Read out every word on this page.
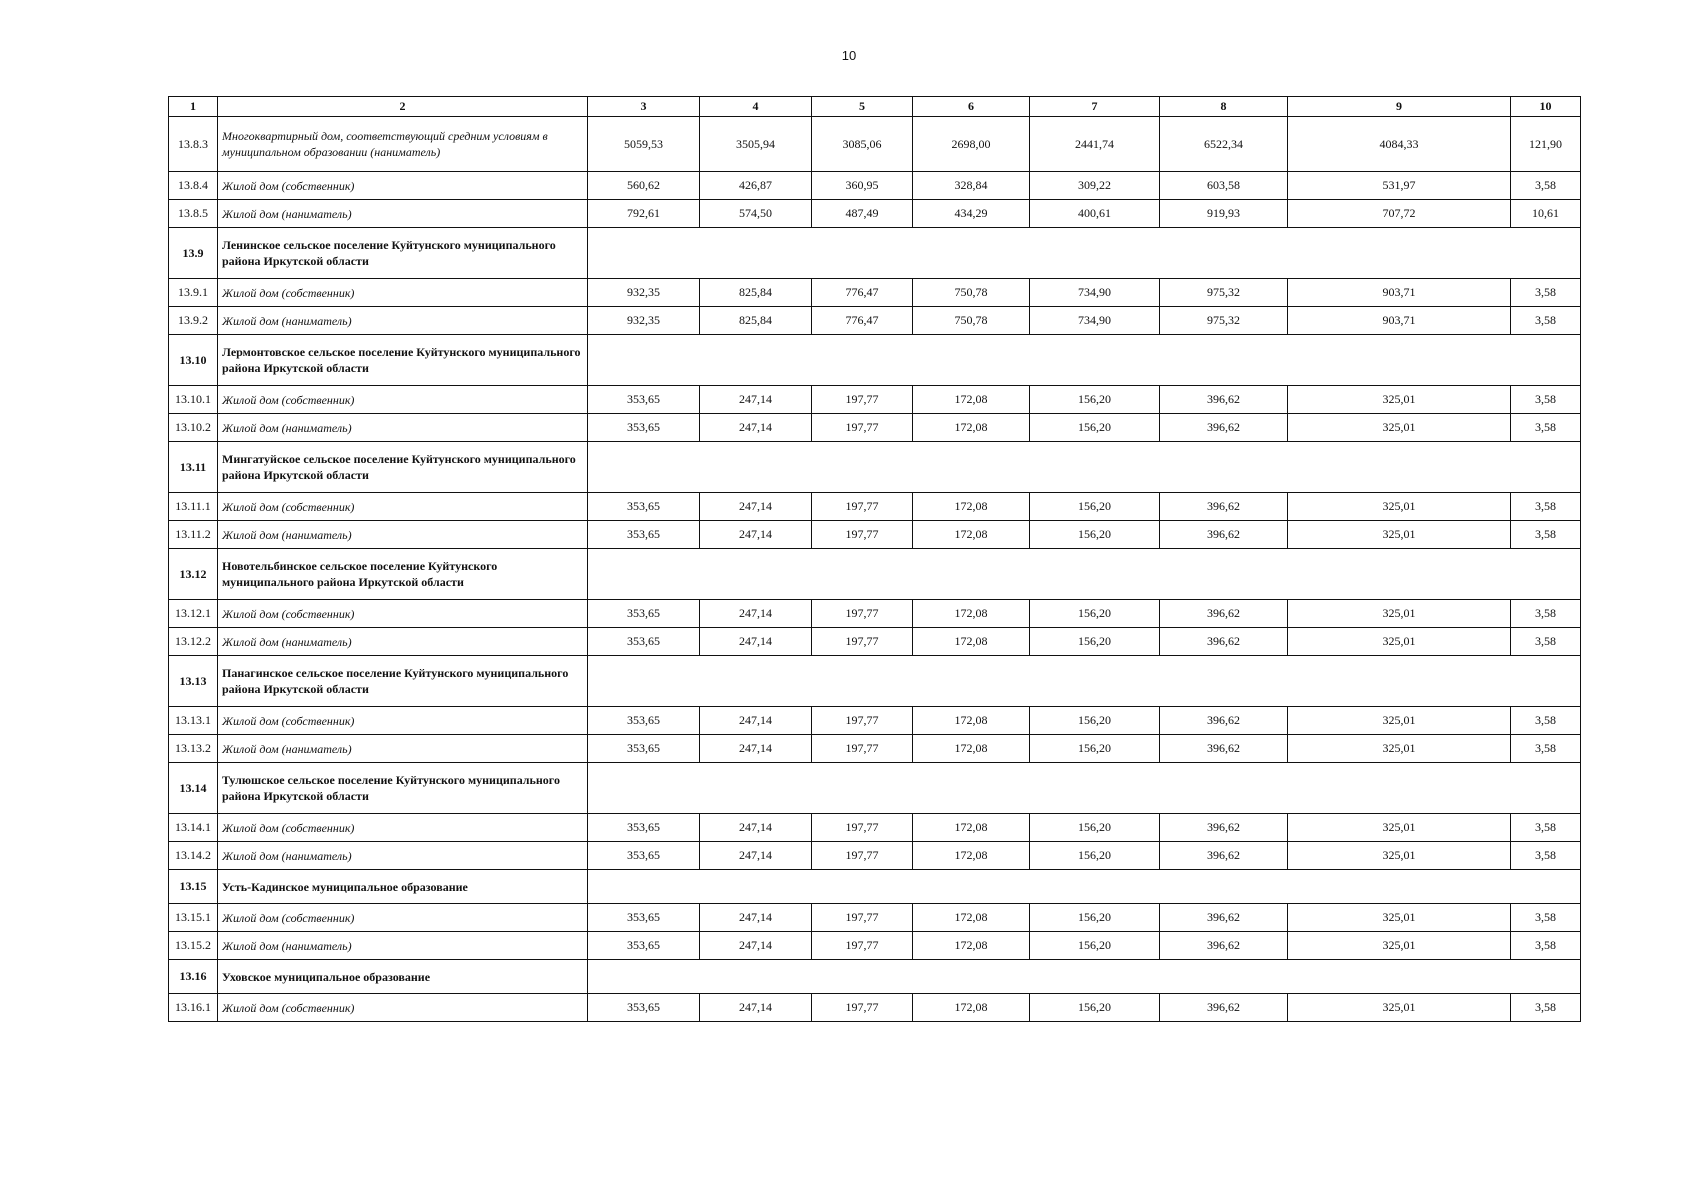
10
1	2	3	4	5	6	7	8	9	10
13.8.3	Многоквартирный дом, соответствующий средним условиям в муниципальном образовании (наниматель)	5059,53	3505,94	3085,06	2698,00	2441,74	6522,34	4084,33	121,90
13.8.4	Жилой дом (собственник)	560,62	426,87	360,95	328,84	309,22	603,58	531,97	3,58
13.8.5	Жилой дом (наниматель)	792,61	574,50	487,49	434,29	400,61	919,93	707,72	10,61
13.9	Ленинское сельское поселение Куйтунского муниципального района Иркутской области								
13.9.1	Жилой дом (собственник)	932,35	825,84	776,47	750,78	734,90	975,32	903,71	3,58
13.9.2	Жилой дом (наниматель)	932,35	825,84	776,47	750,78	734,90	975,32	903,71	3,58
13.10	Лермонтовское сельское поселение Куйтунского муниципального района Иркутской области								
13.10.1	Жилой дом (собственник)	353,65	247,14	197,77	172,08	156,20	396,62	325,01	3,58
13.10.2	Жилой дом (наниматель)	353,65	247,14	197,77	172,08	156,20	396,62	325,01	3,58
13.11	Мингатуйское сельское поселение Куйтунского муниципального района Иркутской области								
13.11.1	Жилой дом (собственник)	353,65	247,14	197,77	172,08	156,20	396,62	325,01	3,58
13.11.2	Жилой дом (наниматель)	353,65	247,14	197,77	172,08	156,20	396,62	325,01	3,58
13.12	Новотельбинское сельское поселение Куйтунского муниципального района Иркутской области								
13.12.1	Жилой дом (собственник)	353,65	247,14	197,77	172,08	156,20	396,62	325,01	3,58
13.12.2	Жилой дом (наниматель)	353,65	247,14	197,77	172,08	156,20	396,62	325,01	3,58
13.13	Панагинское сельское поселение Куйтунского муниципального района Иркутской области								
13.13.1	Жилой дом (собственник)	353,65	247,14	197,77	172,08	156,20	396,62	325,01	3,58
13.13.2	Жилой дом (наниматель)	353,65	247,14	197,77	172,08	156,20	396,62	325,01	3,58
13.14	Тулюшское сельское поселение Куйтунского муниципального района Иркутской области								
13.14.1	Жилой дом (собственник)	353,65	247,14	197,77	172,08	156,20	396,62	325,01	3,58
13.14.2	Жилой дом (наниматель)	353,65	247,14	197,77	172,08	156,20	396,62	325,01	3,58
13.15	Усть-Кадинское муниципальное образование								
13.15.1	Жилой дом (собственник)	353,65	247,14	197,77	172,08	156,20	396,62	325,01	3,58
13.15.2	Жилой дом (наниматель)	353,65	247,14	197,77	172,08	156,20	396,62	325,01	3,58
13.16	Уховское муниципальное образование								
13.16.1	Жилой дом (собственник)	353,65	247,14	197,77	172,08	156,20	396,62	325,01	3,58
